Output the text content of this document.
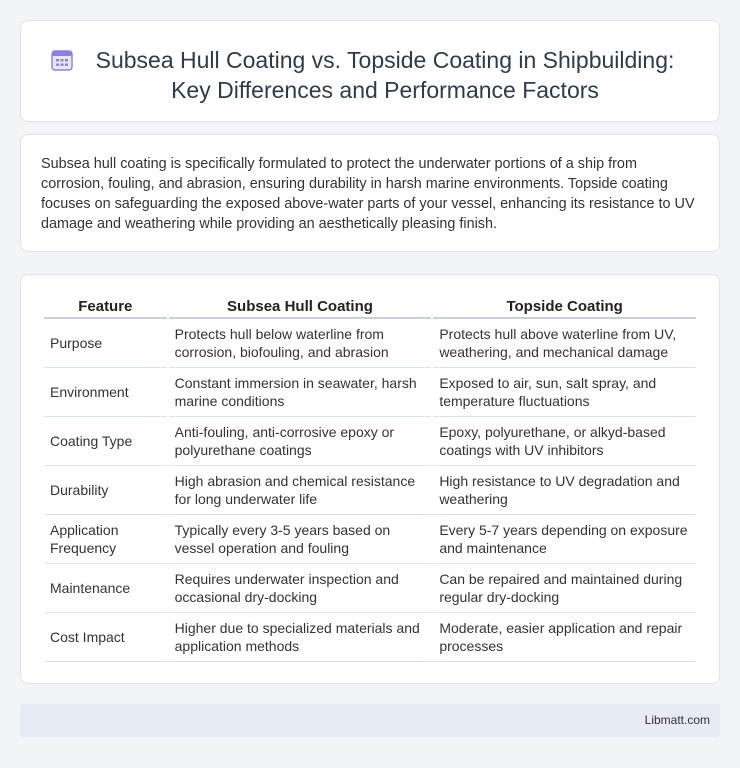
Subsea Hull Coating vs. Topside Coating in Shipbuilding:
Key Differences and Performance Factors

Subsea hull coating is specifically formulated to protect the underwater portions of a ship from corrosion, fouling, and abrasion, ensuring durability in harsh marine environments. Topside coating focuses on safeguarding the exposed above-water parts of your vessel, enhancing its resistance to UV damage and weathering while providing an aesthetically pleasing finish.

Feature	Subsea Hull Coating	Topside Coating
Purpose	Protects hull below waterline from corrosion, biofouling, and abrasion	Protects hull above waterline from UV, weathering, and mechanical damage
Environment	Constant immersion in seawater, harsh marine conditions	Exposed to air, sun, salt spray, and temperature fluctuations
Coating Type	Anti-fouling, anti-corrosive epoxy or polyurethane coatings	Epoxy, polyurethane, or alkyd-based coatings with UV inhibitors
Durability	High abrasion and chemical resistance for long underwater life	High resistance to UV degradation and weathering
Application Frequency	Typically every 3-5 years based on vessel operation and fouling	Every 5-7 years depending on exposure and maintenance
Maintenance	Requires underwater inspection and occasional dry-docking	Can be repaired and maintained during regular dry-docking
Cost Impact	Higher due to specialized materials and application methods	Moderate, easier application and repair processes
Libmatt.com
